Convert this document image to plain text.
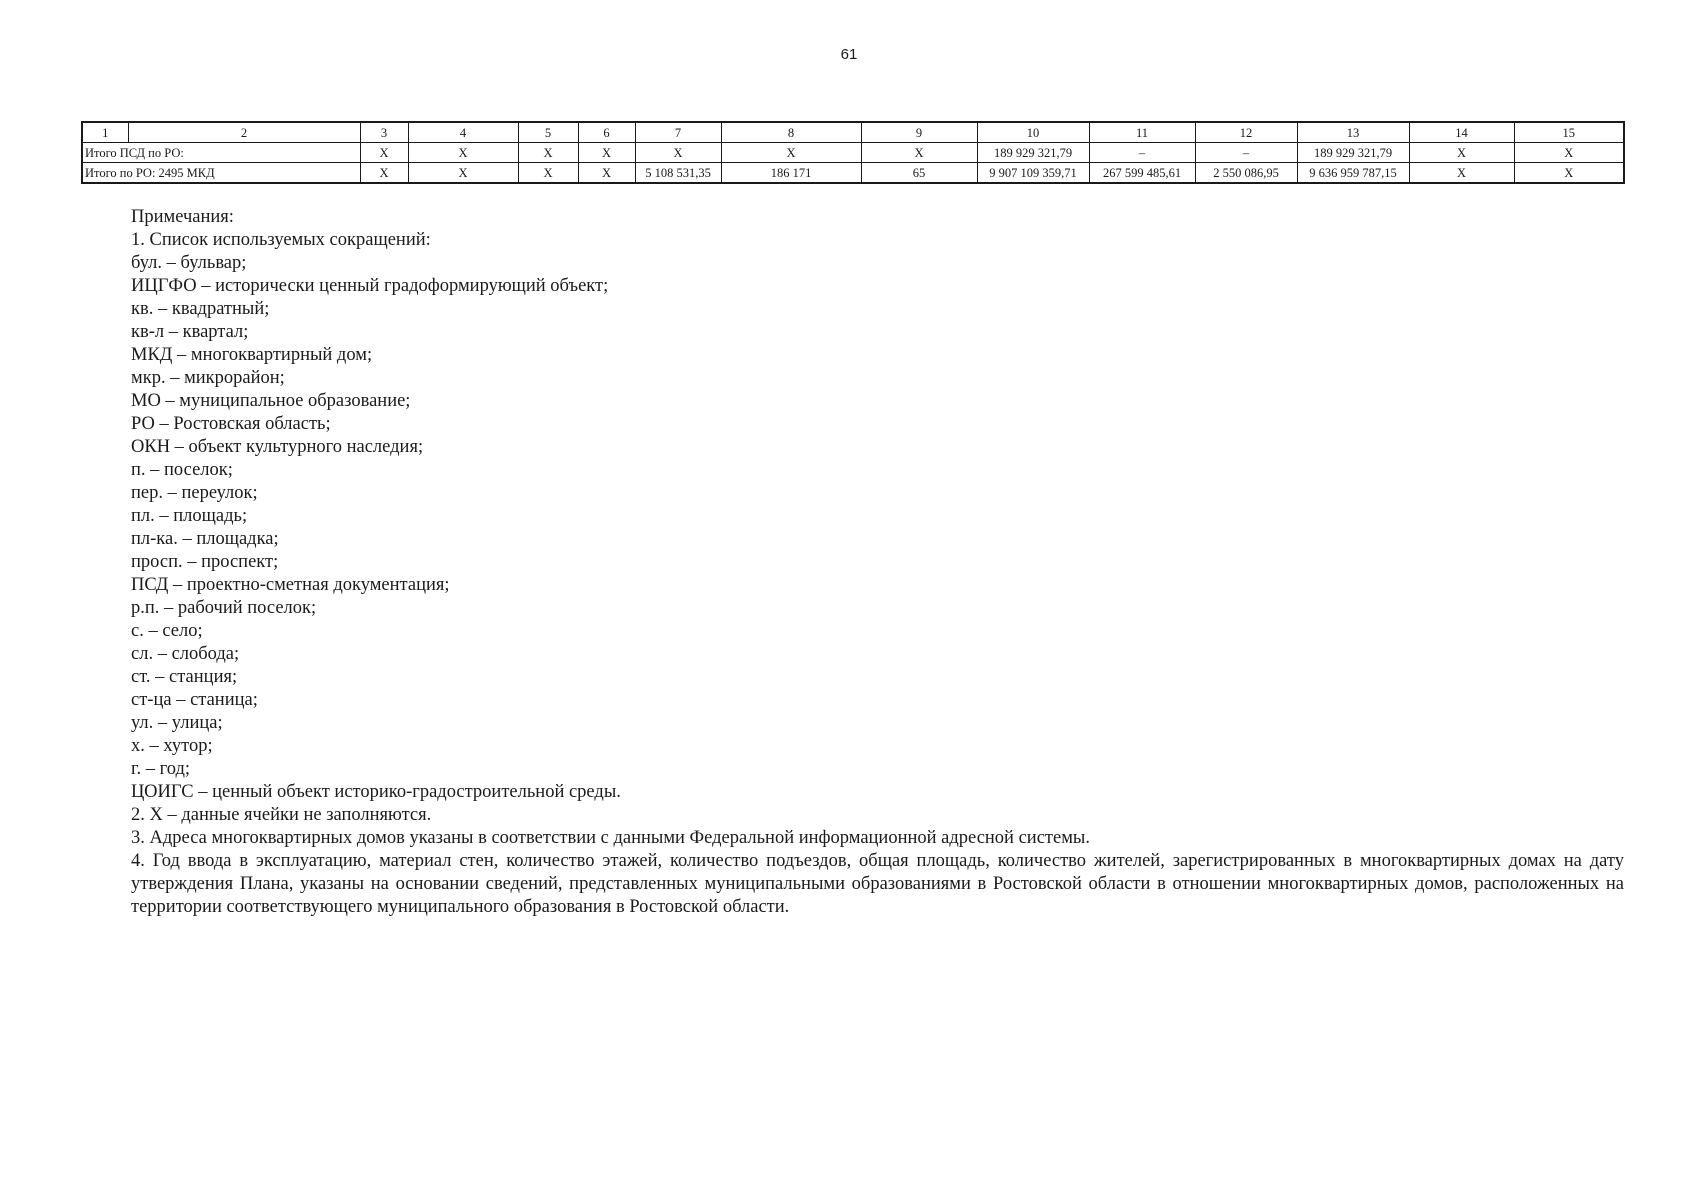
61
1	2	3	4	5	6	7	8	9	10	11	12	13	14	15
Итого ПСД по РО:		X	X	X	X	X	X	X	189 929 321,79	–	–	189 929 321,79	X	X
Итого по РО: 2495 МКД		X	X	X	X	5 108 531,35	186 171	65	9 907 109 359,71	267 599 485,61	2 550 086,95	9 636 959 787,15	X	X
Примечания:
1. Список используемых сокращений:
бул. – бульвар;
ИЦГФО – исторически ценный градоформирующий объект;
кв. – квадратный;
кв-л – квартал;
МКД – многоквартирный дом;
мкр. – микрорайон;
МО – муниципальное образование;
РО – Ростовская область;
ОКН – объект культурного наследия;
п. – поселок;
пер. – переулок;
пл. – площадь;
пл-ка. – площадка;
просп. – проспект;
ПСД – проектно-сметная документация;
р.п. – рабочий поселок;
с. – село;
сл. – слобода;
ст. – станция;
ст-ца – станица;
ул. – улица;
х. – хутор;
г. – год;
ЦОИГС – ценный объект историко-градостроительной среды.
2. X – данные ячейки не заполняются.
3. Адреса многоквартирных домов указаны в соответствии с данными Федеральной информационной адресной системы.
4. Год ввода в эксплуатацию, материал стен, количество этажей, количество подъездов, общая площадь, количество жителей, зарегистрированных в многоквартирных домах на дату утверждения Плана, указаны на основании сведений, представленных муниципальными образованиями в Ростовской области в отношении многоквартирных домов, расположенных на территории соответствующего муниципального образования в Ростовской области.
